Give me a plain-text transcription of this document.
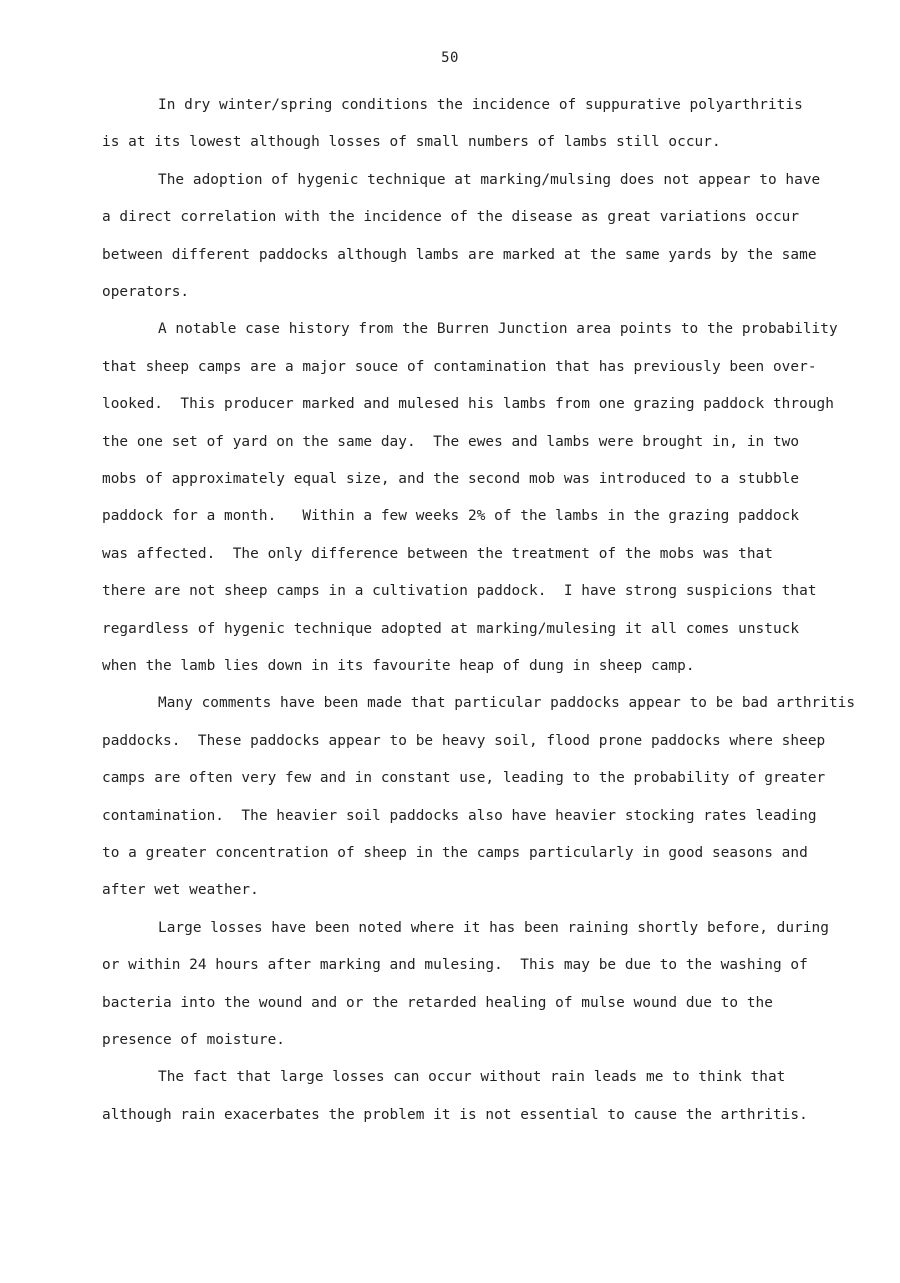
50
In dry winter/spring conditions the incidence of suppurative polyarthritis
is at its lowest although losses of small numbers of lambs still occur.
The adoption of hygenic technique at marking/mulsing does not appear to have
a direct correlation with the incidence of the disease as great variations occur
between different paddocks although lambs are marked at the same yards by the same
operators.
A notable case history from the Burren Junction area points to the probability
that sheep camps are a major souce of contamination that has previously been over-
looked.  This producer marked and mulesed his lambs from one grazing paddock through
the one set of yard on the same day.  The ewes and lambs were brought in, in two
mobs of approximately equal size, and the second mob was introduced to a stubble
paddock for a month.   Within a few weeks 2% of the lambs in the grazing paddock
was affected.  The only difference between the treatment of the mobs was that
there are not sheep camps in a cultivation paddock.  I have strong suspicions that
regardless of hygenic technique adopted at marking/mulesing it all comes unstuck
when the lamb lies down in its favourite heap of dung in sheep camp.
Many comments have been made that particular paddocks appear to be bad arthritis
paddocks.  These paddocks appear to be heavy soil, flood prone paddocks where sheep
camps are often very few and in constant use, leading to the probability of greater
contamination.  The heavier soil paddocks also have heavier stocking rates leading
to a greater concentration of sheep in the camps particularly in good seasons and
after wet weather.
Large losses have been noted where it has been raining shortly before, during
or within 24 hours after marking and mulesing.  This may be due to the washing of
bacteria into the wound and or the retarded healing of mulse wound due to the
presence of moisture.
The fact that large losses can occur without rain leads me to think that
although rain exacerbates the problem it is not essential to cause the arthritis.
